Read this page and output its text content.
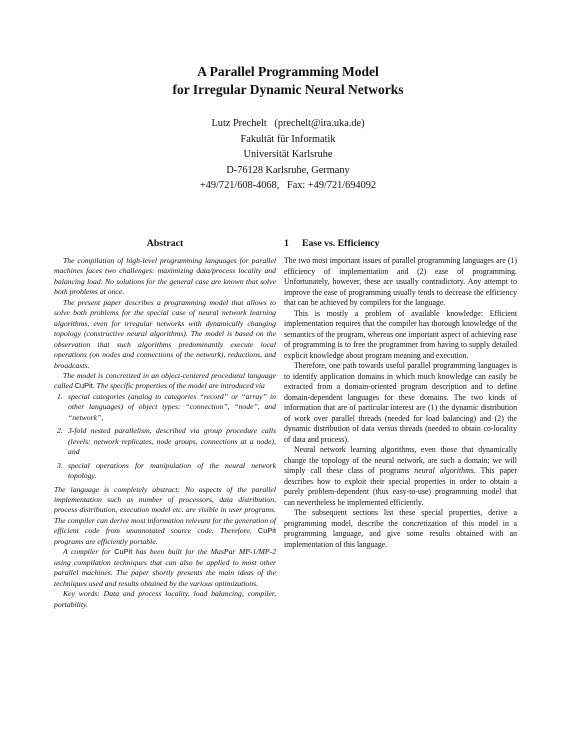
A Parallel Programming Model
for Irregular Dynamic Neural Networks
Lutz Prechelt   (prechelt@ira.uka.de)
Fakultät für Informatik
Universität Karlsruhe
D-76128 Karlsruhe, Germany
+49/721/608-4068,   Fax: +49/721/694092
Abstract

The compilation of high-level programming languages for parallel machines faces two challenges: maximizing data/process locality and balancing load. No solutions for the general case are known that solve both problems at once.

The present paper describes a programming model that allows to solve both problems for the special case of neural network learning algorithms, even for irregular networks with dynamically changing topology (constructive neural algorithms). The model is based on the observation that such algorithms predominantly execute local operations (on nodes and connections of the network), reductions, and broadcasts.

The model is concretized in an object-centered procedural language called CuPit. The specific properties of the model are introduced via

1. special categories (analog to categories “record” or “array” in other languages) of object types: “connection”, “node”, and “network”,
2. 3-fold nested parallelism, described via group procedure calls (levels: network replicates, node groups, connections at a node), and
3. special operations for manipulation of the neural network topology.

The language is completely abstract: No aspects of the parallel implementation such as number of processors, data distribution, process distribution, execution model etc. are visible in user programs. The compiler can derive most information relevant for the generation of efficient code from unannotated source code. Therefore, CuPit programs are efficiently portable.

A compiler for CuPit has been built for the MasPar MP-1/MP-2 using compilation techniques that can also be applied to most other parallel machines. The paper shortly presents the main ideas of the techniques used and results obtained by the various optimizations.

Key words: Data and process locality, load balancing, compiler, portability.

1 Ease vs. Efficiency

The two most important issues of parallel programming languages are (1) efficiency of implementation and (2) ease of programming. Unfortunately, however, these are usually contradictory. Any attempt to improve the ease of programming usually tends to decrease the efficiency that can be achieved by compilers for the language.

This is mostly a problem of available knowledge: Efficient implementation requires that the compiler has thorough knowledge of the semantics of the program, whereas one important aspect of achieving ease of programming is to free the programmer from having to supply detailed explicit knowledge about program meaning and execution.

Therefore, one path towards useful parallel programming languages is to identify application domains in which much knowledge can easily be extracted from a domain-oriented program description and to define domain-dependent languages for these domains. The two kinds of information that are of particular interest are (1) the dynamic distribution of work over parallel threads (needed for load balancing) and (2) the dynamic distribution of data versus threads (needed to obtain co-locality of data and process).

Neural network learning algorithms, even those that dynamically change the topology of the neural network, are such a domain; we will simply call these class of programs neural algorithms. This paper describes how to exploit their special properties in order to obtain a purely problem-dependent (thus easy-to-use) programming model that can nevertheless be implemented efficiently.

The subsequent sections list these special properties, derive a programming model, describe the concretization of this model in a programming language, and give some results obtained with an implementation of this language.
